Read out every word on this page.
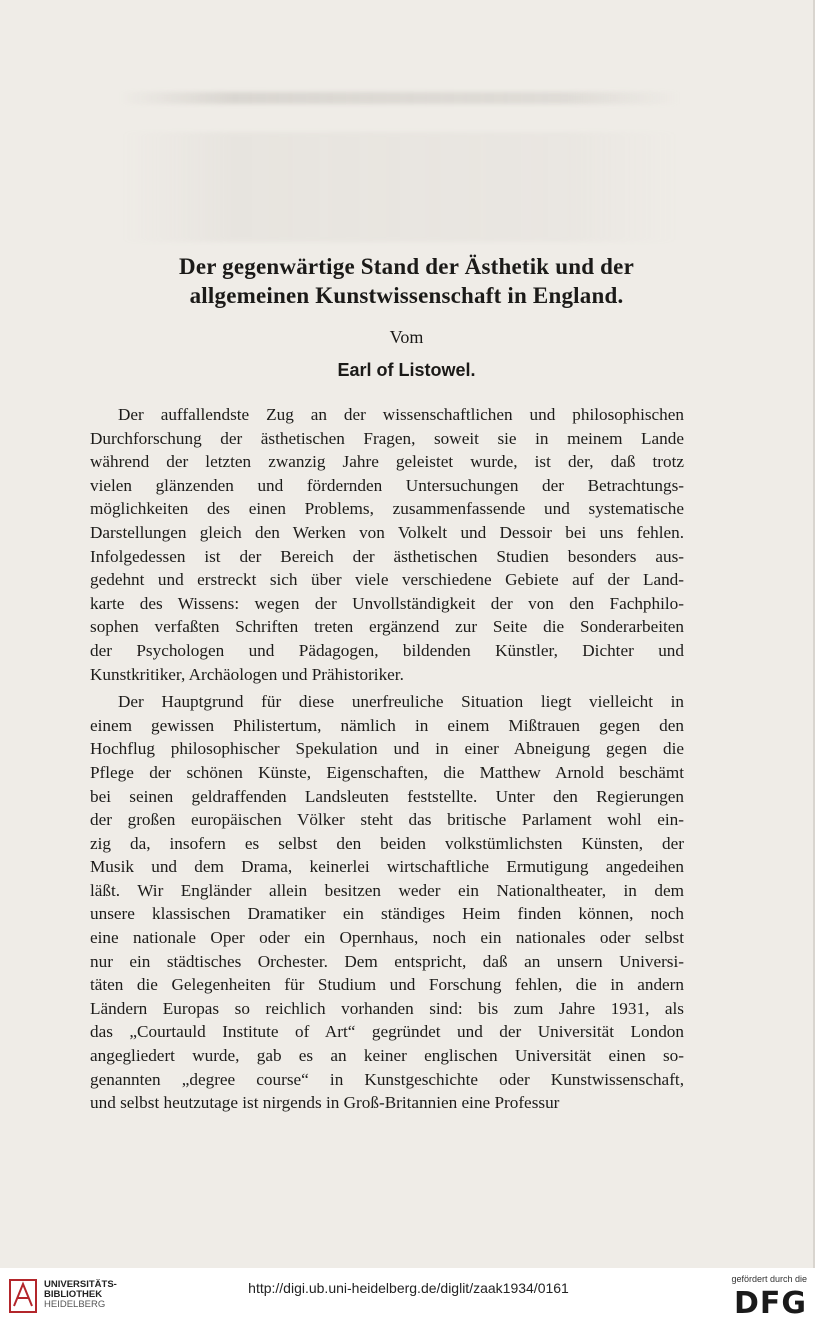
Der gegenwärtige Stand der Ästhetik und der
allgemeinen Kunstwissenschaft in England.
Vom
Earl of Listowel.
Der auffallendste Zug an der wissenschaftlichen und philosophischen
Durchforschung der ästhetischen Fragen, soweit sie in meinem Lande
während der letzten zwanzig Jahre geleistet wurde, ist der, daß trotz
vielen glänzenden und fördernden Untersuchungen der Betrachtungs-
möglichkeiten des einen Problems, zusammenfassende und systematische
Darstellungen gleich den Werken von Volkelt und Dessoir bei uns fehlen.
Infolgedessen ist der Bereich der ästhetischen Studien besonders aus-
gedehnt und erstreckt sich über viele verschiedene Gebiete auf der Land-
karte des Wissens: wegen der Unvollständigkeit der von den Fachphilo-
sophen verfaßten Schriften treten ergänzend zur Seite die Sonderarbeiten
der Psychologen und Pädagogen, bildenden Künstler, Dichter und
Kunstkritiker, Archäologen und Prähistoriker.
Der Hauptgrund für diese unerfreuliche Situation liegt vielleicht in
einem gewissen Philistertum, nämlich in einem Mißtrauen gegen den
Hochflug philosophischer Spekulation und in einer Abneigung gegen die
Pflege der schönen Künste, Eigenschaften, die Matthew Arnold beschämt
bei seinen geldraffenden Landsleuten feststellte. Unter den Regierungen
der großen europäischen Völker steht das britische Parlament wohl ein-
zig da, insofern es selbst den beiden volkstümlichsten Künsten, der
Musik und dem Drama, keinerlei wirtschaftliche Ermutigung angedeihen
läßt. Wir Engländer allein besitzen weder ein Nationaltheater, in dem
unsere klassischen Dramatiker ein ständiges Heim finden können, noch
eine nationale Oper oder ein Opernhaus, noch ein nationales oder selbst
nur ein städtisches Orchester. Dem entspricht, daß an unsern Universi-
täten die Gelegenheiten für Studium und Forschung fehlen, die in andern
Ländern Europas so reichlich vorhanden sind: bis zum Jahre 1931, als
das „Courtauld Institute of Art“ gegründet und der Universität London
angegliedert wurde, gab es an keiner englischen Universität einen so-
genannten „degree course“ in Kunstgeschichte oder Kunstwissenschaft,
und selbst heutzutage ist nirgends in Groß-Britannien eine Professur
UNIVERSITÄTS-
BIBLIOTHEK
HEIDELBERG
http://digi.ub.uni-heidelberg.de/diglit/zaak1934/0161
gefördert durch die
DFG
